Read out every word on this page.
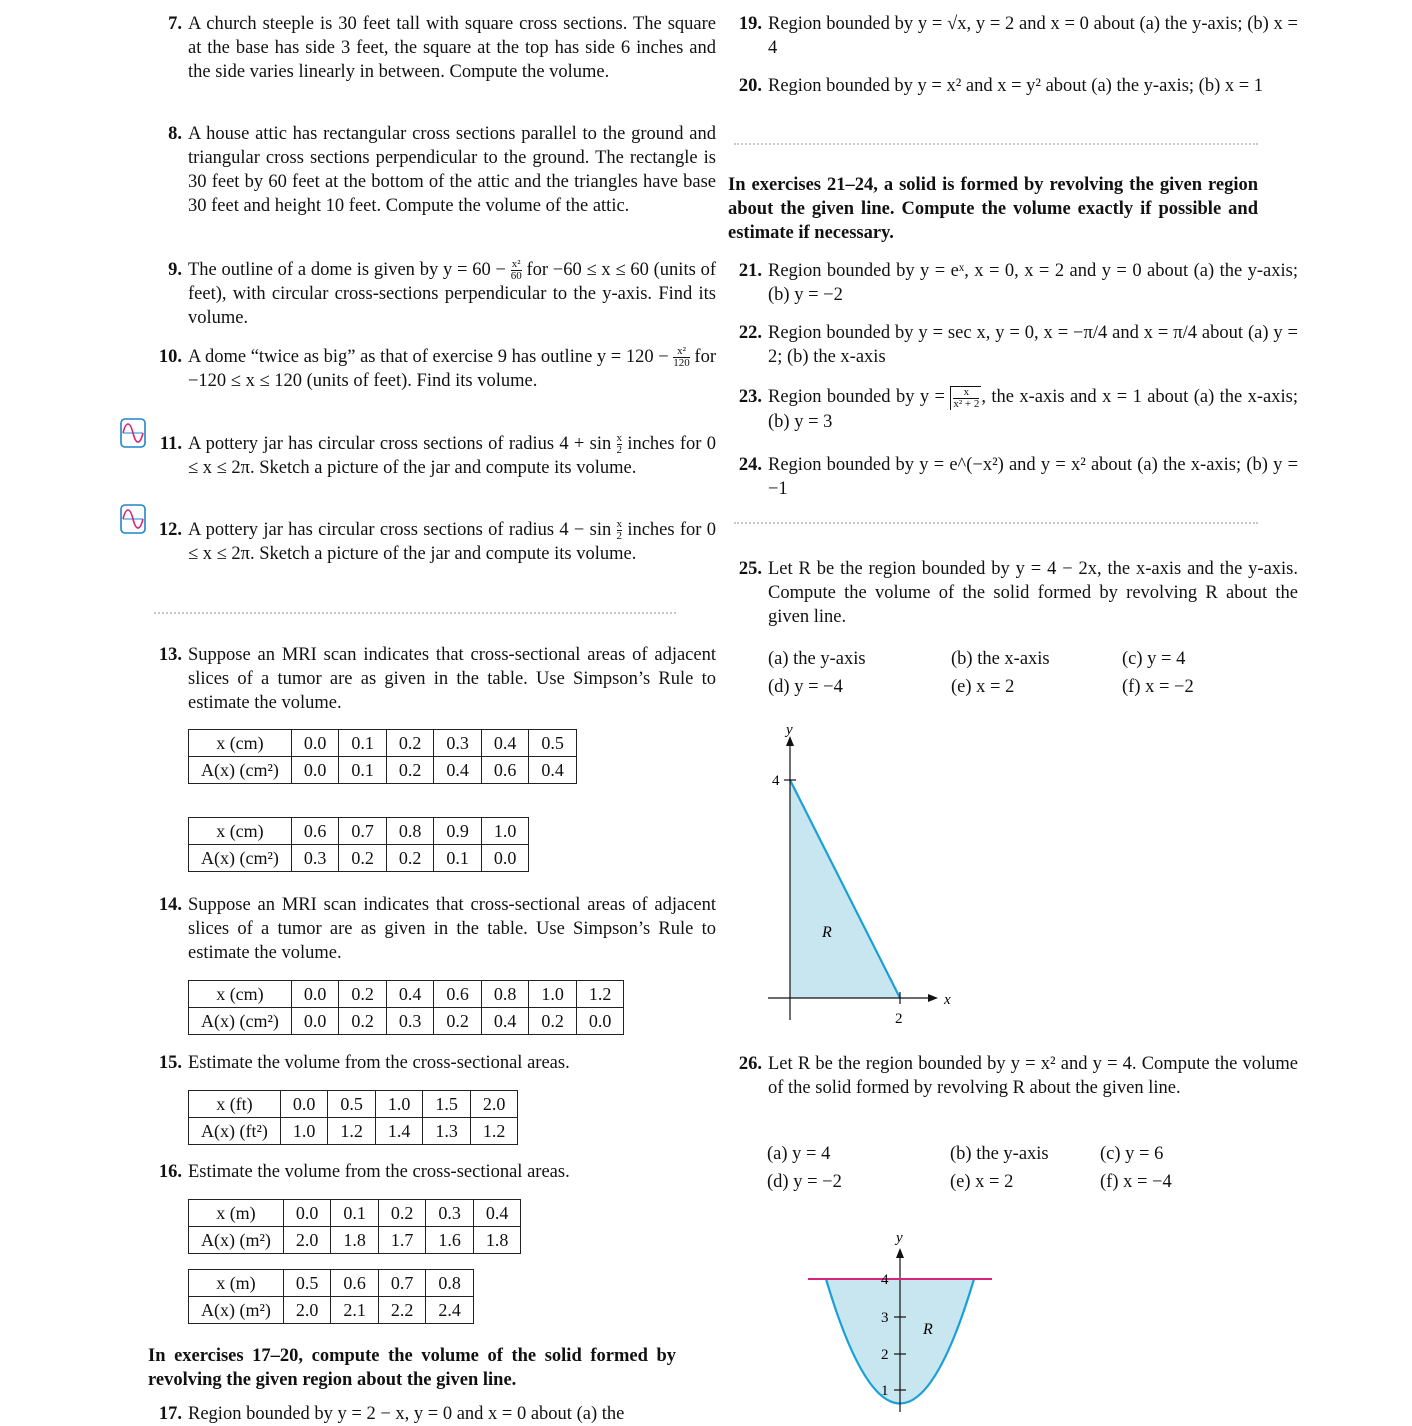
7. A church steeple is 30 feet tall with square cross sections. The square at the base has side 3 feet, the square at the top has side 6 inches and the side varies linearly in between. Compute the volume.

8. A house attic has rectangular cross sections parallel to the ground and triangular cross sections perpendicular to the ground. The rectangle is 30 feet by 60 feet at the bottom of the attic and the triangles have base 30 feet and height 10 feet. Compute the volume of the attic.

9. The outline of a dome is given by $y = 60 - \frac{\text{x²}}{60}$ for −60 ≤ x ≤ 60 (units of feet), with circular cross-sections perpendicular to the y-axis. Find its volume.

10. A dome “twice as big” as that of exercise 9 has outline $y = 120 - \frac{\text{x²}}{120}$ for −120 ≤ x ≤ 120 (units of feet). Find its volume.

11. A pottery jar has circular cross sections of radius $4 + \sin \frac{x}{2}$ inches for 0 ≤ x ≤ 2π. Sketch a picture of the jar and compute its volume.

12. A pottery jar has circular cross sections of radius $4 - \sin \frac{x}{2}$ inches for 0 ≤ x ≤ 2π. Sketch a picture of the jar and compute its volume.

13. Suppose an MRI scan indicates that cross-sectional areas of adjacent slices of a tumor are as given in the table. Use Simpson’s Rule to estimate the volume.

x (cm)	0.0	0.1	0.2	0.3	0.4	0.5
A(x) (cm²)	0.0	0.1	0.2	0.4	0.6	0.4
x (cm)	0.6	0.7	0.8	0.9	1.0
A(x) (cm²)	0.3	0.2	0.2	0.1	0.0
14. Suppose an MRI scan indicates that cross-sectional areas of adjacent slices of a tumor are as given in the table. Use Simpson’s Rule to estimate the volume.

x (cm)	0.0	0.2	0.4	0.6	0.8	1.0	1.2
A(x) (cm²)	0.0	0.2	0.3	0.2	0.4	0.2	0.0
15. Estimate the volume from the cross-sectional areas.

x (ft)	0.0	0.5	1.0	1.5	2.0
A(x) (ft²)	1.0	1.2	1.4	1.3	1.2
16. Estimate the volume from the cross-sectional areas.

x (m)	0.0	0.1	0.2	0.3	0.4
A(x) (m²)	2.0	1.8	1.7	1.6	1.8
x (m)	0.5	0.6	0.7	0.8
A(x) (m²)	2.0	2.1	2.2	2.4
In exercises 17–20, compute the volume of the solid formed by revolving the given region about the given line.
17. Region bounded by y = 2 − x, y = 0 and x = 0 about (a) the

19. Region bounded by y = √x, y = 2 and x = 0 about (a) the y-axis; (b) x = 4

20. Region bounded by y = x² and x = y² about (a) the y-axis; (b) x = 1

In exercises 21–24, a solid is formed by revolving the given region about the given line. Compute the volume exactly if possible and estimate if necessary.
21. Region bounded by y = eˣ, x = 0, x = 2 and y = 0 about (a) the y-axis; (b) y = −2

22. Region bounded by y = sec x, y = 0, x = −π/4 and x = π/4 about (a) y = 2; (b) the x-axis

23. Region bounded by $y = \frac{x}{\text{x² + 2}}$ , the x-axis and x = 1 about (a) the x-axis; (b) y = 3

24. Region bounded by y = e^(−x²) and y = x² about (a) the x-axis; (b) y = −1

25. Let R be the region bounded by y = 4 − 2x, the x-axis and the y-axis. Compute the volume of the solid formed by revolving R about the given line.

(a) the y-axis	(b) the x-axis	(c) y = 4
(d) y = −4	(e) x = 2	(f) x = −2
y
x
4
2
R
26. Let R be the region bounded by y = x² and y = 4. Compute the volume of the solid formed by revolving R about the given line.

(a) y = 4	(b) the y-axis	(c) y = 6
(d) y = −2	(e) x = 2	(f) x = −4
y
4
3
2
1
R
